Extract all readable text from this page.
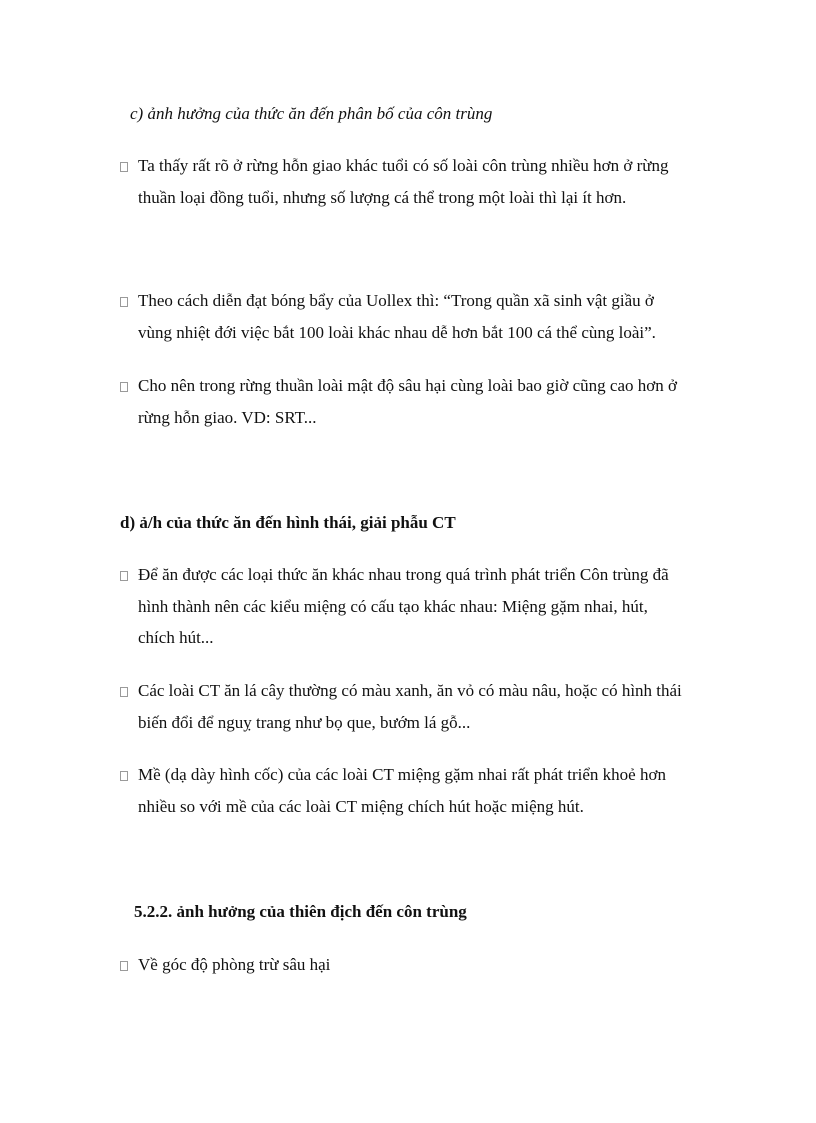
c) ảnh hưởng của thức ăn đến phân bố của côn trùng
Ta thấy rất rõ ở rừng hỗn giao khác tuổi có số loài côn trùng nhiều hơn ở rừng
thuần loại đồng tuổi, nhưng số lượng cá thể trong một loài thì lại ít hơn.
Theo cách diễn đạt bóng bẩy của Uollex thì: “Trong quần xã sinh vật giầu ở
vùng nhiệt đới việc bắt 100 loài khác nhau dễ hơn bắt 100 cá thể cùng loài”.
Cho nên trong rừng thuần loài mật độ sâu hại cùng loài bao giờ cũng cao hơn ở
rừng hỗn giao. VD: SRT...
d) ả/h của thức ăn đến hình thái, giải phẫu CT
Để ăn được các loại thức ăn khác nhau trong quá trình phát triển Côn trùng đã
hình thành nên các kiểu miệng có cấu tạo khác nhau: Miệng gặm nhai, hút,
chích hút...
Các loài CT ăn lá cây thường có màu xanh, ăn vỏ có màu nâu, hoặc có hình thái
biến đổi để nguỵ trang như bọ que, bướm lá gỗ...
Mề (dạ dày hình cốc) của các loài CT miệng gặm nhai rất phát triển khoẻ hơn
nhiều so với mề của các loài CT miệng chích hút hoặc miệng hút.
5.2.2. ảnh hưởng của thiên địch đến côn trùng
Về góc độ phòng trừ sâu hại
